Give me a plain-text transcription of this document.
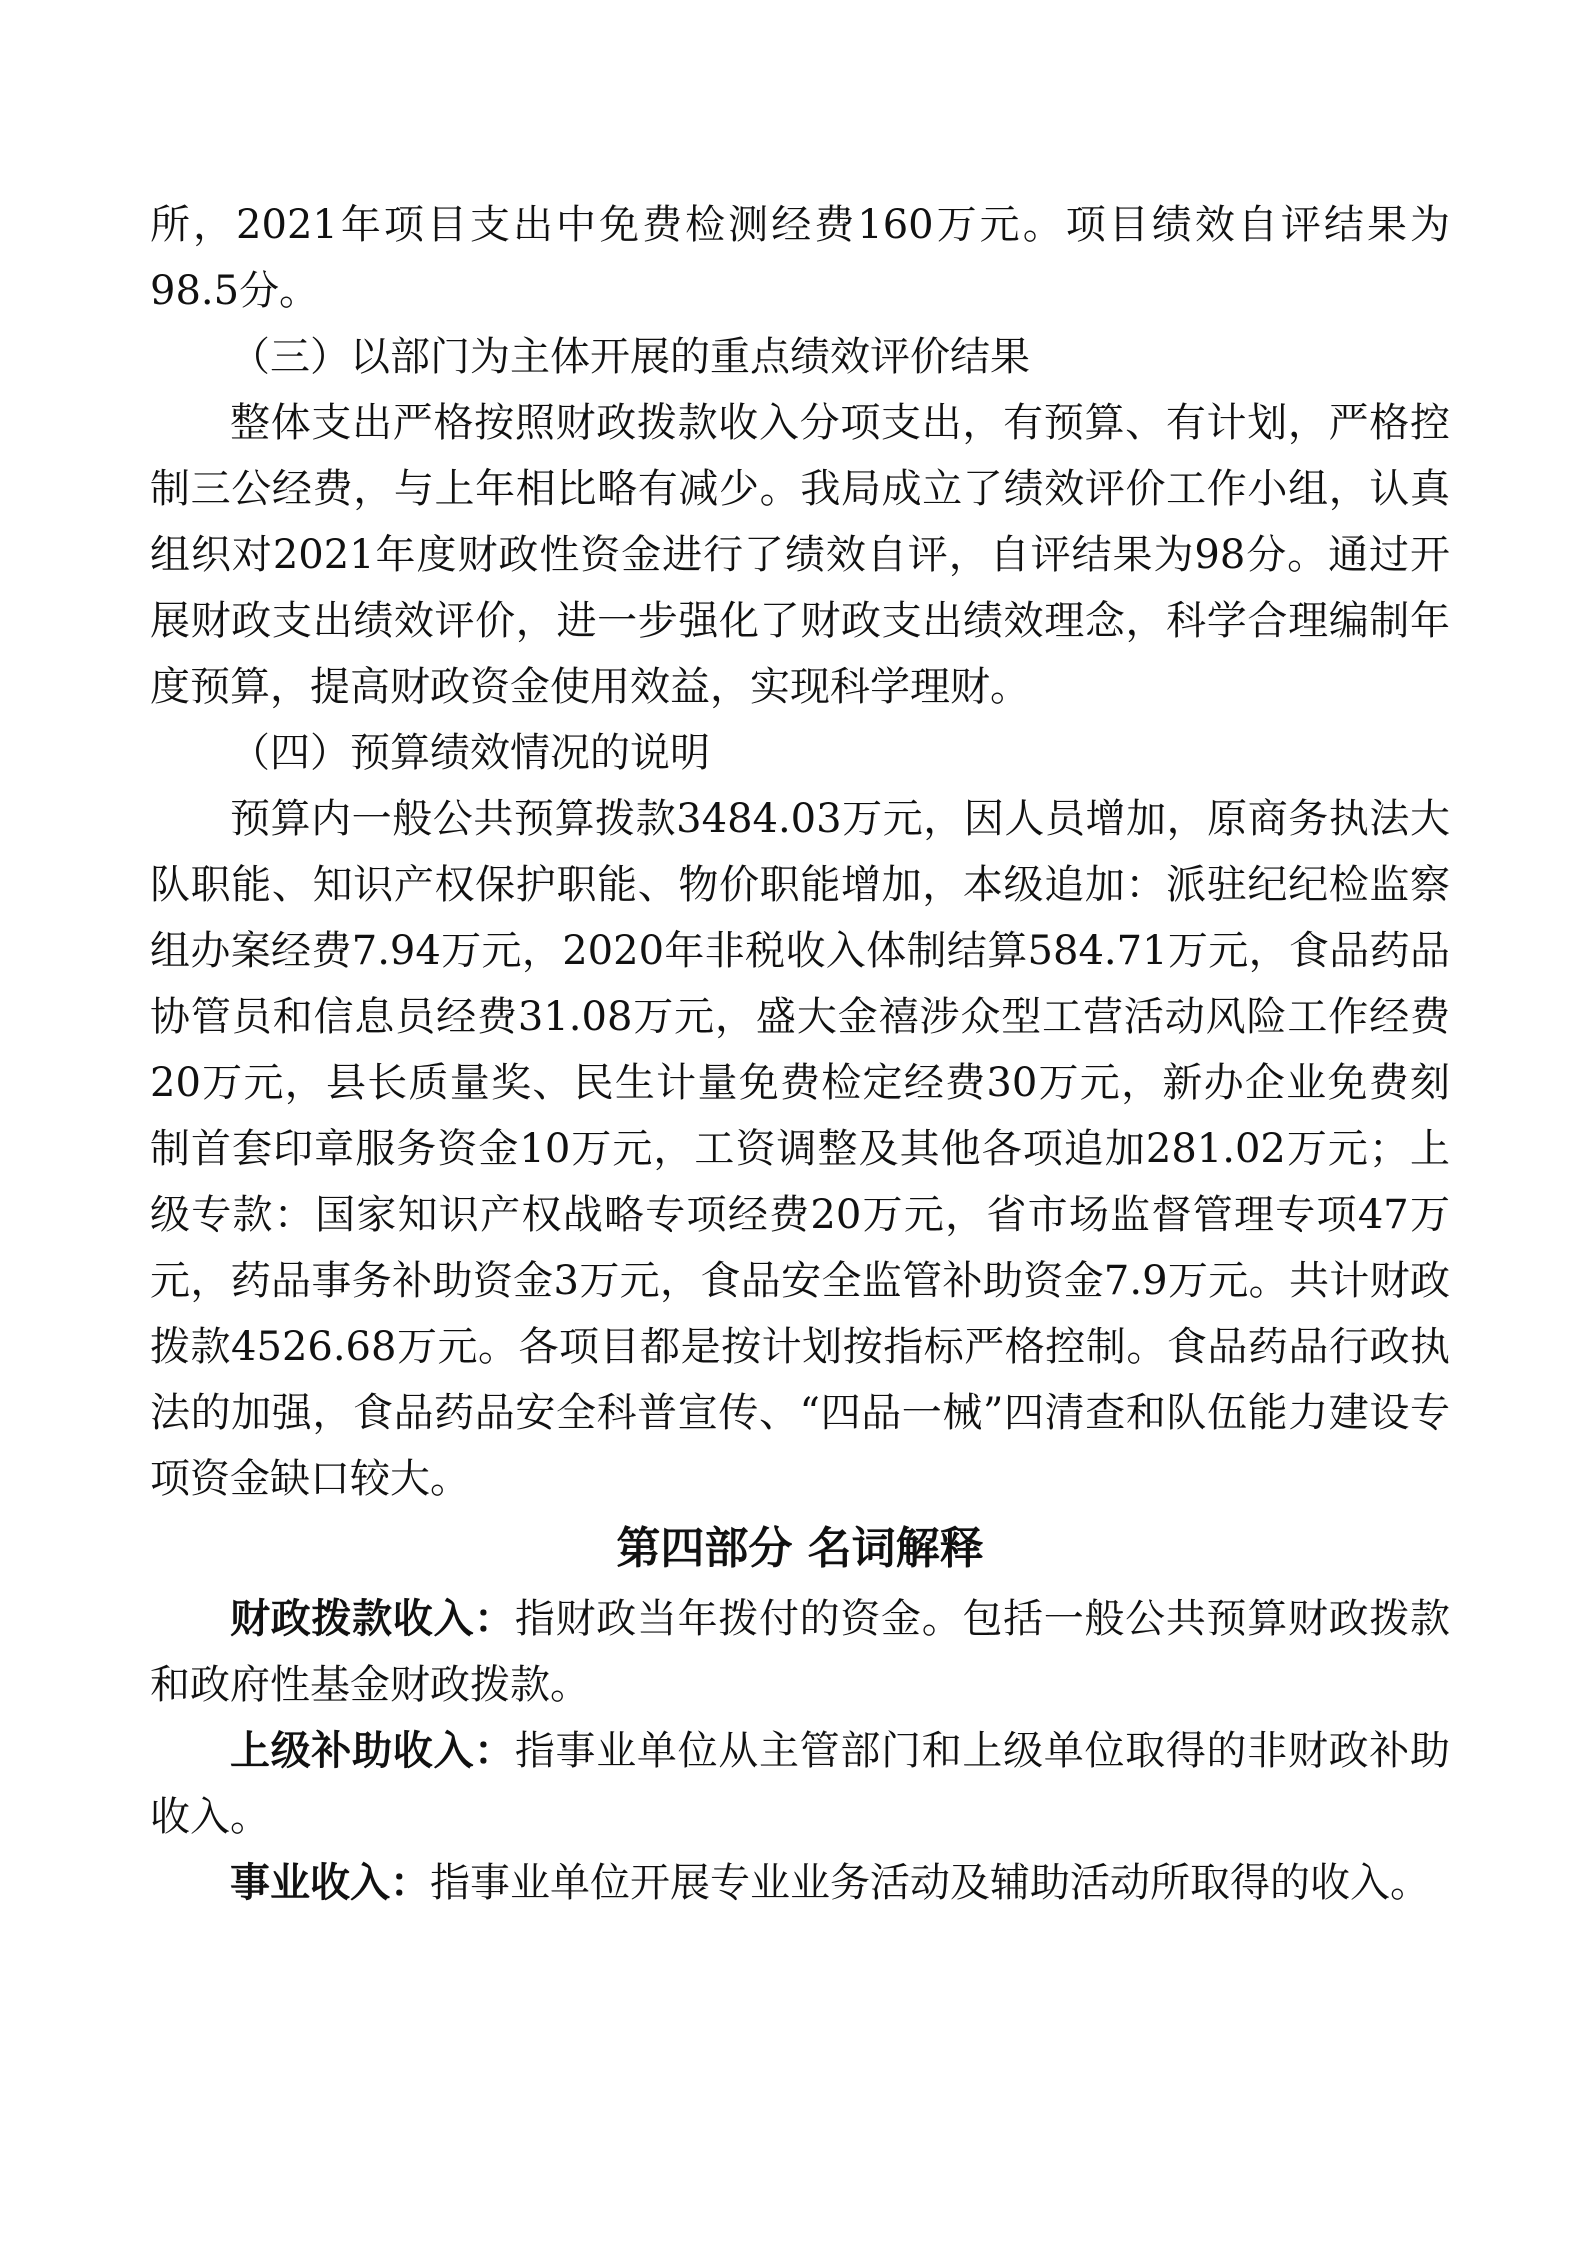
所，2021年项目支出中免费检测经费160万元。项目绩效自评结果为98.5分。

（三）以部门为主体开展的重点绩效评价结果

整体支出严格按照财政拨款收入分项支出，有预算、有计划，严格控制三公经费，与上年相比略有减少。我局成立了绩效评价工作小组，认真组织对2021年度财政性资金进行了绩效自评，自评结果为98分。通过开展财政支出绩效评价，进一步强化了财政支出绩效理念，科学合理编制年度预算，提高财政资金使用效益，实现科学理财。

（四）预算绩效情况的说明

预算内一般公共预算拨款3484.03万元，因人员增加，原商务执法大队职能、知识产权保护职能、物价职能增加，本级追加：派驻纪纪检监察组办案经费7.94万元，2020年非税收入体制结算584.71万元，食品药品协管员和信息员经费31.08万元，盛大金禧涉众型工营活动风险工作经费20万元，县长质量奖、民生计量免费检定经费30万元，新办企业免费刻制首套印章服务资金10万元，工资调整及其他各项追加281.02万元；上级专款：国家知识产权战略专项经费20万元，省市场监督管理专项47万元，药品事务补助资金3万元，食品安全监管补助资金7.9万元。共计财政拨款4526.68万元。各项目都是按计划按指标严格控制。食品药品行政执法的加强，食品药品安全科普宣传、“四品一械”四清查和队伍能力建设专项资金缺口较大。

第四部分 名词解释

财政拨款收入：指财政当年拨付的资金。包括一般公共预算财政拨款和政府性基金财政拨款。

上级补助收入：指事业单位从主管部门和上级单位取得的非财政补助收入。

事业收入：指事业单位开展专业业务活动及辅助活动所取得的收入。
